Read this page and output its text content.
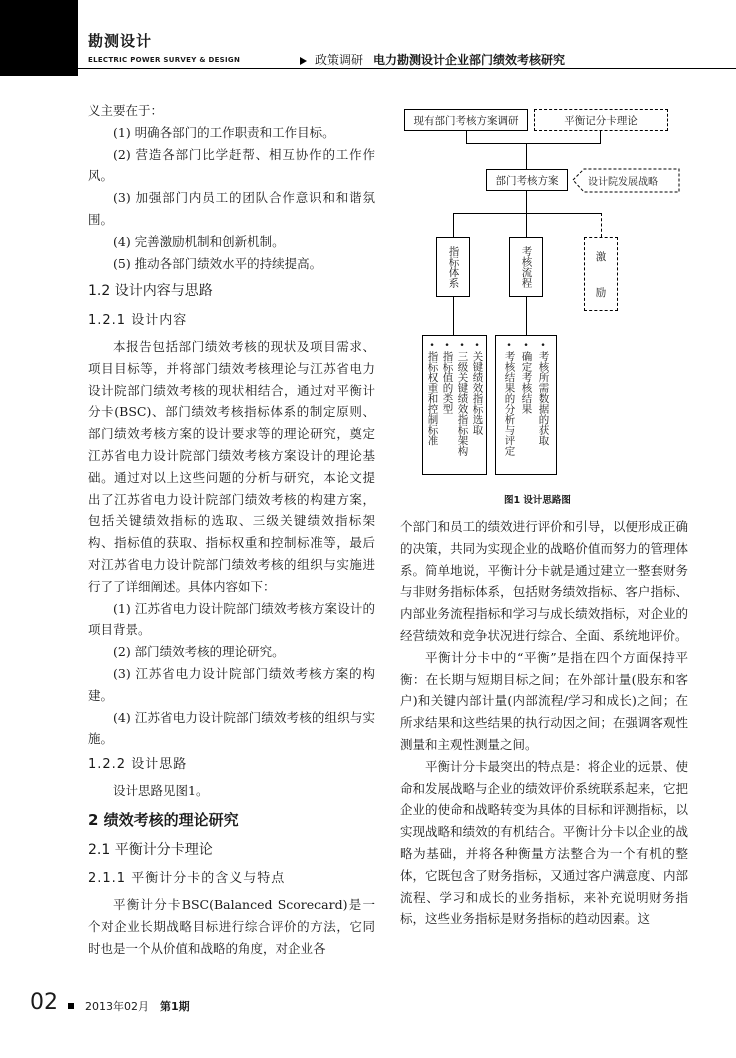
勘测设计
ELECTRIC POWER SURVEY & DESIGN	政策调研 电力勘测设计企业部门绩效考核研究

义主要在于：

(1) 明确各部门的工作职责和工作目标。

(2) 营造各部门比学赶帮、相互协作的工作作风。

(3) 加强部门内员工的团队合作意识和和谐氛围。

(4) 完善激励机制和创新机制。

(5) 推动各部门绩效水平的持续提高。

1.2 设计内容与思路

1.2.1 设计内容

本报告包括部门绩效考核的现状及项目需求、项目目标等，并将部门绩效考核理论与江苏省电力设计院部门绩效考核的现状相结合，通过对平衡计分卡(BSC)、部门绩效考核指标体系的制定原则、部门绩效考核方案的设计要求等的理论研究，奠定江苏省电力设计院部门绩效考核方案设计的理论基础。通过对以上这些问题的分析与研究，本论文提出了江苏省电力设计院部门绩效考核的构建方案，包括关键绩效指标的选取、三级关键绩效指标架构、指标值的获取、指标权重和控制标准等，最后对江苏省电力设计院部门绩效考核的组织与实施进行了了详细阐述。具体内容如下：

(1) 江苏省电力设计院部门绩效考核方案设计的项目背景。

(2) 部门绩效考核的理论研究。

(3) 江苏省电力设计院部门绩效考核方案的构建。

(4) 江苏省电力设计院部门绩效考核的组织与实施。

1.2.2 设计思路

设计思路见图1。

2 绩效考核的理论研究

2.1 平衡计分卡理论

2.1.1 平衡计分卡的含义与特点

平衡计分卡BSC(Balanced Scorecard)是一个对企业长期战略目标进行综合评价的方法，它同时也是一个从价值和战略的角度，对企业各

现有部门考核方案调研	平衡记分卡理论
部门考核方案	设计院发展战略
指标体系	考核流程	激
励
•
关键绩效指标选取
•
三级关键绩效指标架构
•
指标值的类型
•
指标权重和控制标准
•
考核所需数据的获取
•
确定考核结果
•
考核结果的分析与评定
图1 设计思路图

个部门和员工的绩效进行评价和引导，以便形成正确的决策，共同为实现企业的战略价值而努力的管理体系。简单地说，平衡计分卡就是通过建立一整套财务与非财务指标体系，包括财务绩效指标、客户指标、内部业务流程指标和学习与成长绩效指标，对企业的经营绩效和竞争状况进行综合、全面、系统地评价。

平衡计分卡中的“平衡”是指在四个方面保持平衡：在长期与短期目标之间；在外部计量(股东和客户)和关键内部计量(内部流程/学习和成长)之间；在所求结果和这些结果的执行动因之间；在强调客观性测量和主观性测量之间。

平衡计分卡最突出的特点是：将企业的远景、使命和发展战略与企业的绩效评价系统联系起来，它把企业的使命和战略转变为具体的目标和评测指标，以实现战略和绩效的有机结合。平衡计分卡以企业的战略为基础，并将各种衡量方法整合为一个有机的整体，它既包含了财务指标，又通过客户满意度、内部流程、学习和成长的业务指标，来补充说明财务指标，这些业务指标是财务指标的趋动因素。这

02 2013年02月 第1期
